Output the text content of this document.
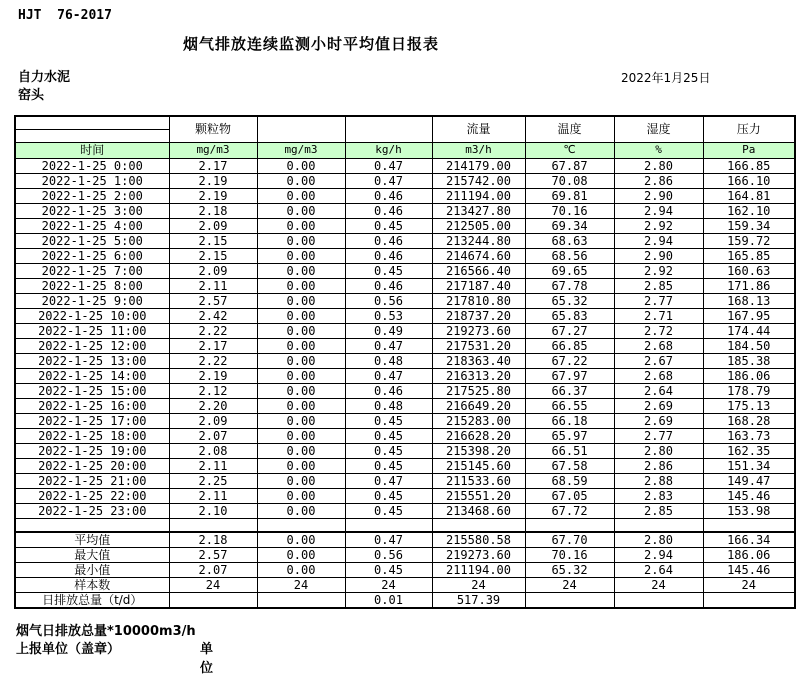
HJT  76-2017
烟气排放连续监测小时平均值日报表
自力水泥
窑头
2022年1月25日
	颗粒物			流量	温度	湿度	压力

时间	mg/m3	mg/m3	kg/h	m3/h	℃	%	Pa
2022-1-25 0:00	2.17	0.00	0.47	214179.00	67.87	2.80	166.85
2022-1-25 1:00	2.19	0.00	0.47	215742.00	70.08	2.86	166.10
2022-1-25 2:00	2.19	0.00	0.46	211194.00	69.81	2.90	164.81
2022-1-25 3:00	2.18	0.00	0.46	213427.80	70.16	2.94	162.10
2022-1-25 4:00	2.09	0.00	0.45	212505.00	69.34	2.92	159.34
2022-1-25 5:00	2.15	0.00	0.46	213244.80	68.63	2.94	159.72
2022-1-25 6:00	2.15	0.00	0.46	214674.60	68.56	2.90	165.85
2022-1-25 7:00	2.09	0.00	0.45	216566.40	69.65	2.92	160.63
2022-1-25 8:00	2.11	0.00	0.46	217187.40	67.78	2.85	171.86
2022-1-25 9:00	2.57	0.00	0.56	217810.80	65.32	2.77	168.13
2022-1-25 10:00	2.42	0.00	0.53	218737.20	65.83	2.71	167.95
2022-1-25 11:00	2.22	0.00	0.49	219273.60	67.27	2.72	174.44
2022-1-25 12:00	2.17	0.00	0.47	217531.20	66.85	2.68	184.50
2022-1-25 13:00	2.22	0.00	0.48	218363.40	67.22	2.67	185.38
2022-1-25 14:00	2.19	0.00	0.47	216313.20	67.97	2.68	186.06
2022-1-25 15:00	2.12	0.00	0.46	217525.80	66.37	2.64	178.79
2022-1-25 16:00	2.20	0.00	0.48	216649.20	66.55	2.69	175.13
2022-1-25 17:00	2.09	0.00	0.45	215283.00	66.18	2.69	168.28
2022-1-25 18:00	2.07	0.00	0.45	216628.20	65.97	2.77	163.73
2022-1-25 19:00	2.08	0.00	0.45	215398.20	66.51	2.80	162.35
2022-1-25 20:00	2.11	0.00	0.45	215145.60	67.58	2.86	151.34
2022-1-25 21:00	2.25	0.00	0.47	211533.60	68.59	2.88	149.47
2022-1-25 22:00	2.11	0.00	0.45	215551.20	67.05	2.83	145.46
2022-1-25 23:00	2.10	0.00	0.45	213468.60	67.72	2.85	153.98

平均值	2.18	0.00	0.47	215580.58	67.70	2.80	166.34
最大值	2.57	0.00	0.56	219273.60	70.16	2.94	186.06
最小值	2.07	0.00	0.45	211194.00	65.32	2.64	145.46
样本数	24	24	24	24	24	24	24
日排放总量（t/d）			0.01	517.39			
烟气日排放总量*10000m3/h
上报单位（盖章）	单位
